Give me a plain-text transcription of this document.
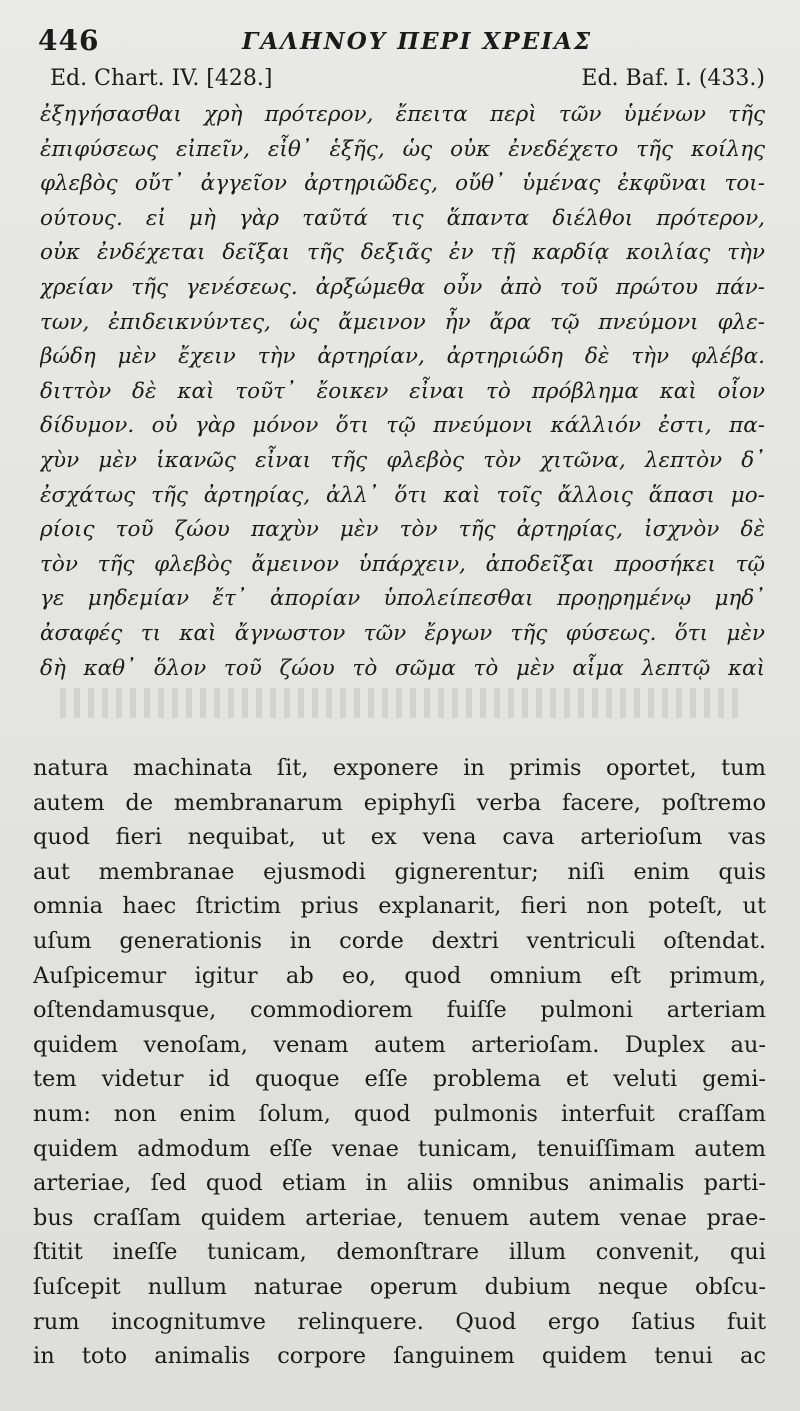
446	ΓΑΛΗΝΟΥ ΠΕΡΙ ΧΡΕΙΑΣ
Ed. Chart. IV. [428.]	Ed. Baf. I. (433.)
ἐξηγήσασθαι χρὴ πρότερον, ἔπειτα περὶ τῶν ὑμένων τῆς
ἐπιφύσεως εἰπεῖν, εἶθ᾽ ἑξῆς, ὡς οὐκ ἐνεδέχετο τῆς κοίλης
φλεβὸς οὔτ᾽ ἀγγεῖον ἀρτηριῶδες, οὔθ᾽ ὑμένας ἐκφῦναι τοι-
ούτους. εἰ μὴ γὰρ ταῦτά τις ἅπαντα διέλθοι πρότερον,
οὐκ ἐνδέχεται δεῖξαι τῆς δεξιᾶς ἐν τῇ καρδίᾳ κοιλίας τὴν
χρείαν τῆς γενέσεως. ἀρξώμεθα οὖν ἀπὸ τοῦ πρώτου πάν-
των, ἐπιδεικνύντες, ὡς ἄμεινον ἦν ἄρα τῷ πνεύμονι φλε-
βώδη μὲν ἔχειν τὴν ἀρτηρίαν, ἀρτηριώδη δὲ τὴν φλέβα.
διττὸν δὲ καὶ τοῦτ᾽ ἔοικεν εἶναι τὸ πρόβλημα καὶ οἷον
δίδυμον. οὐ γὰρ μόνον ὅτι τῷ πνεύμονι κάλλιόν ἐστι, πα-
χὺν μὲν ἱκανῶς εἶναι τῆς φλεβὸς τὸν χιτῶνα, λεπτὸν δ᾽
ἐσχάτως τῆς ἀρτηρίας, ἀλλ᾽ ὅτι καὶ τοῖς ἄλλοις ἅπασι μο-
ρίοις τοῦ ζώου παχὺν μὲν τὸν τῆς ἀρτηρίας, ἰσχνὸν δὲ
τὸν τῆς φλεβὸς ἄμεινον ὑπάρχειν, ἀποδεῖξαι προσήκει τῷ
γε μηδεμίαν ἔτ᾽ ἀπορίαν ὑπολείπεσθαι προῃρημένῳ μηδ᾽
ἀσαφές τι καὶ ἄγνωστον τῶν ἔργων τῆς φύσεως. ὅτι μὲν
δὴ καθ᾽ ὅλον τοῦ ζώου τὸ σῶμα τὸ μὲν αἷμα λεπτῷ καὶ
natura machinata ſit, exponere in primis oportet, tum
autem de membranarum epiphyſi verba facere, poſtremo
quod fieri nequibat, ut ex vena cava arterioſum vas
aut membranae ejusmodi gignerentur; niſi enim quis
omnia haec ſtrictim prius explanarit, fieri non poteſt, ut
uſum generationis in corde dextri ventriculi oſtendat.
Auſpicemur igitur ab eo, quod omnium eſt primum,
oſtendamusque, commodiorem fuiſſe pulmoni arteriam
quidem venoſam, venam autem arterioſam. Duplex au-
tem videtur id quoque eſſe problema et veluti gemi-
num: non enim ſolum, quod pulmonis interfuit craſſam
quidem admodum eſſe venae tunicam, tenuiſſimam autem
arteriae, ſed quod etiam in aliis omnibus animalis parti-
bus craſſam quidem arteriae, tenuem autem venae prae-
ſtitit ineſſe tunicam, demonſtrare illum convenit, qui
ſuſcepit nullum naturae operum dubium neque obſcu-
rum incognitumve relinquere. Quod ergo ſatius fuit
in toto animalis corpore ſanguinem quidem tenui ac
